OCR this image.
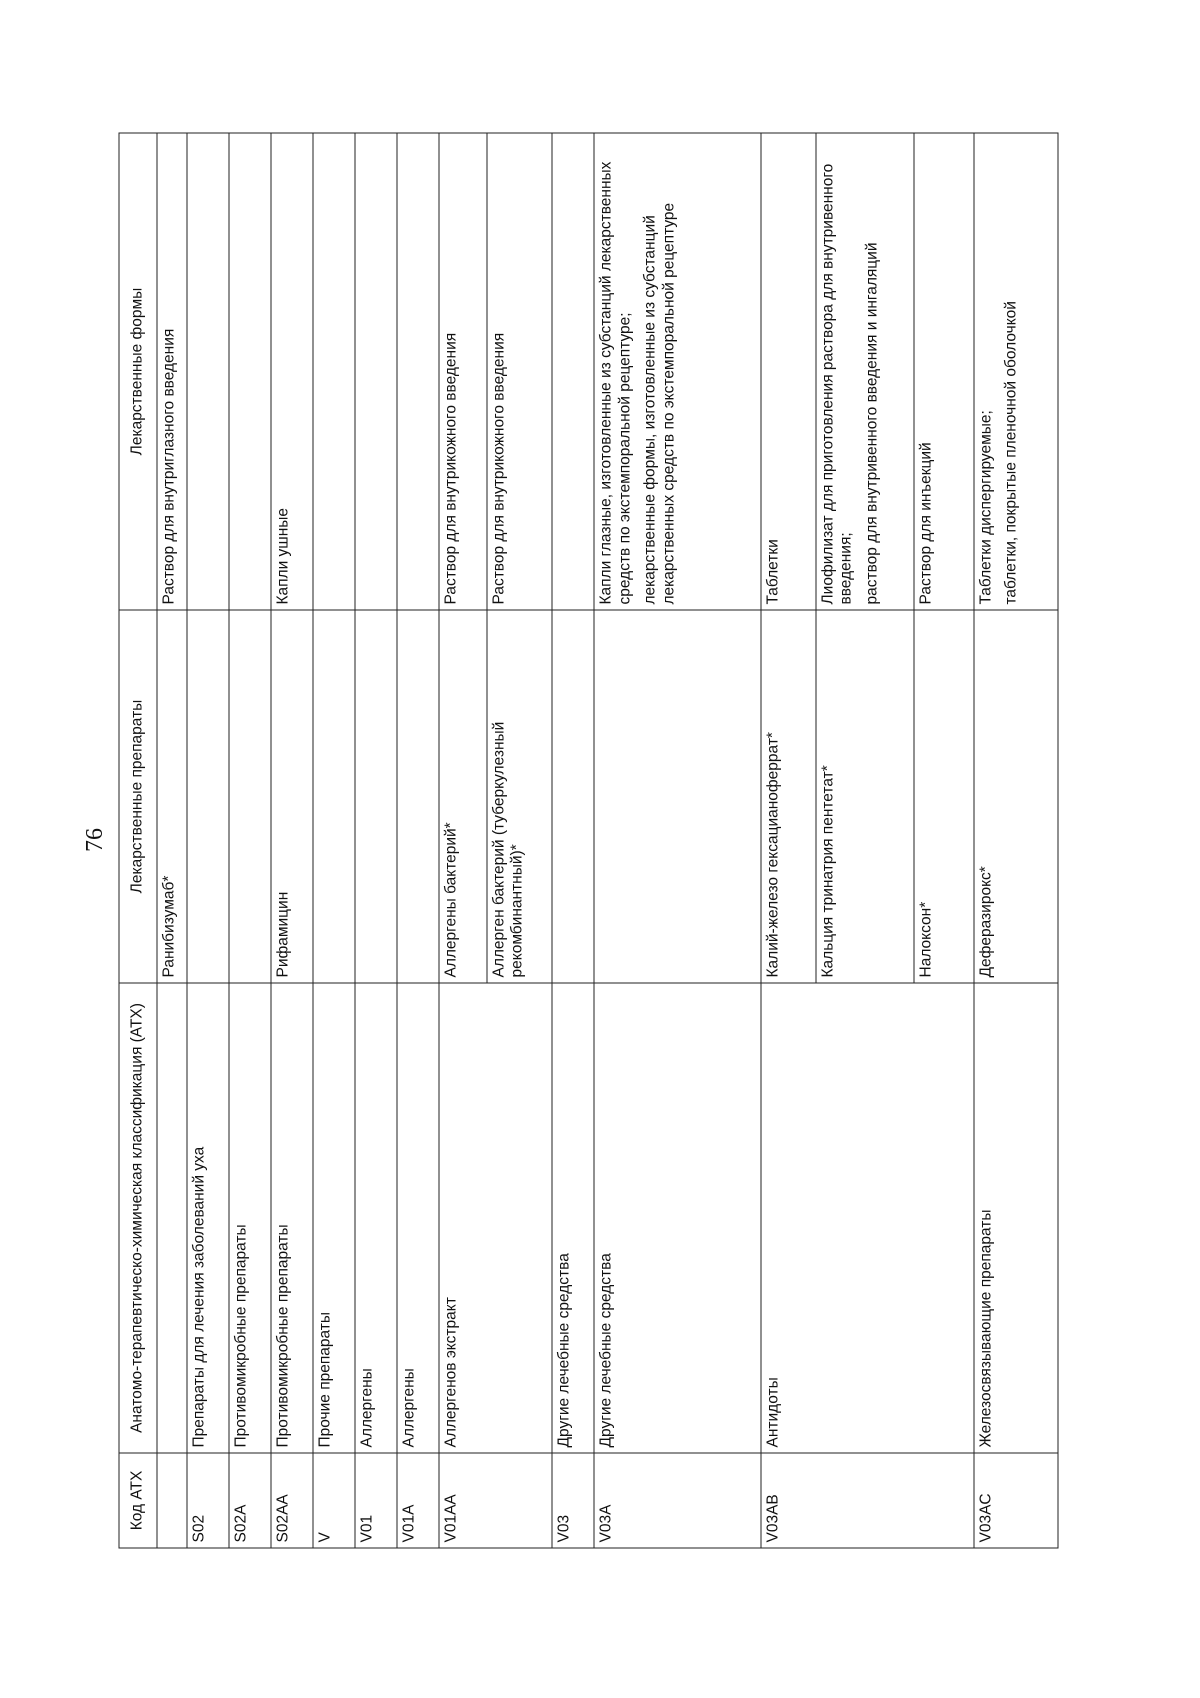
76
Код АТХ	Анатомо-терапевтическо-химическая классификация (АТХ)	Лекарственные препараты	Лекарственные формы
		Ранибизумаб*	Раствор для внутриглазного введения

S02	Препараты для лечения заболеваний уха		

S02A	Противомикробные препараты		

S02AA	Противомикробные препараты	Рифамицин	Капли ушные

V	Прочие препараты		

V01	Аллергены		

V01A	Аллергены		

V01AA	Аллергенов экстракт	Аллергены бактерий*	Раствор для внутрикожного введения

		Аллерген бактерий (туберкулезный рекомбинантный)*	Раствор для внутрикожного введения

V03	Другие лечебные средства		

V03A	Другие лечебные средства		Капли глазные, изготовленные из субстанций лекарственных средств по экстемпоральной рецептуре; лекарственные формы, изготовленные из субстанций лекарственных средств по экстемпоральной рецептуре

V03AB	Антидоты	Калий-железо гексацианоферрат*	Таблетки

		Кальция тринатрия пентетат*	Лиофилизат для приготовления раствора для внутривенного введения; раствор для внутривенного введения и ингаляций

		Налоксон*	Раствор для инъекций

V03AC	Железосвязывающие препараты	Деферазирокс*	Таблетки диспергируемые; таблетки, покрытые пленочной оболочкой
